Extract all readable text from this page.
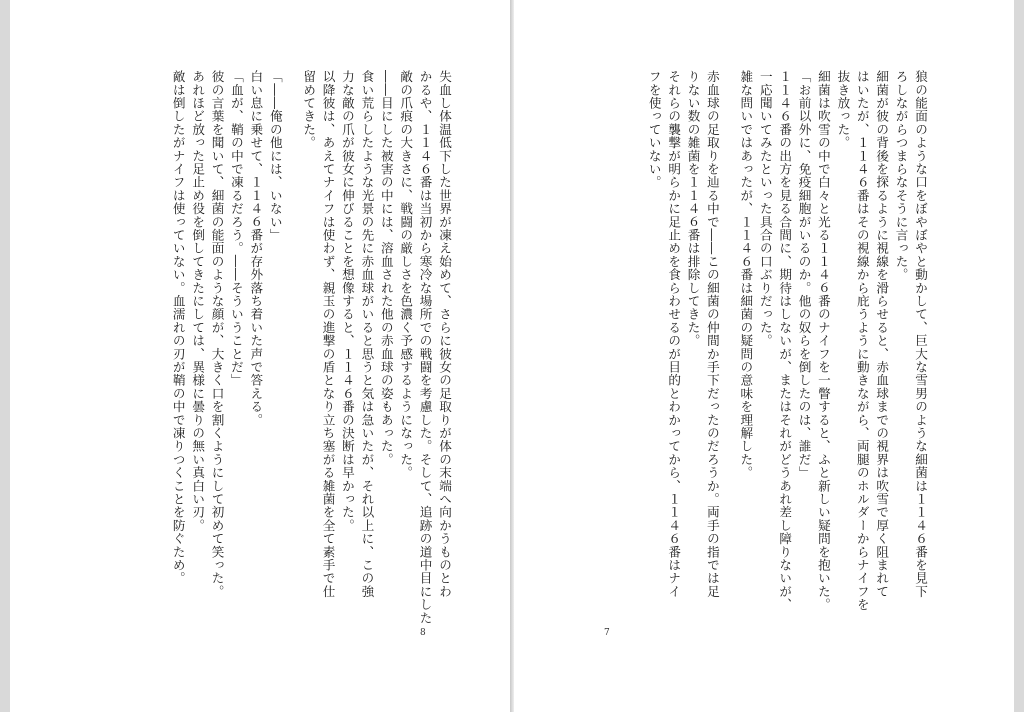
失血し体温低下した世界が凍え始めて、さらに彼女の足取りが体の末端へ向かうものとわ
かるや、１１４６番は当初から寒冷な場所での戦闘を考慮した。そして、追跡の道中目にした
敵の爪痕の大きさに、戦闘の厳しさを色濃く予感するようになった。
――目にした被害の中には、溶血された他の赤血球の姿もあった。
食い荒らしたような光景の先に赤血球がいると思うと気は急いたが、それ以上に、この強
力な敵の爪が彼女に伸びることを想像すると、１１４６番の決断は早かった。
以降彼は、あえてナイフは使わず、親玉の進撃の盾となり立ち塞がる雑菌を全て素手で仕
留めてきた。
「――俺の他には、いない」
白い息に乗せて、１１４６番が存外落ち着いた声で答える。
「血が、鞘の中で凍るだろう。――そういうことだ」
彼の言葉を聞いて、細菌の能面のような顔が、大きく口を割くようにして初めて笑った。
あれほど放った足止め役を倒してきたにしては、異様に曇りの無い真白い刃。
敵は倒したがナイフは使っていない。血濡れの刃が鞘の中で凍りつくことを防ぐため。
8
狼の能面のような口をぼやぼやと動かして、巨大な雪男のような細菌は１１４６番を見下
ろしながらつまらなそうに言った。
細菌が彼の背後を探るように視線を滑らせると、赤血球までの視界は吹雪で厚く阻まれて
はいたが、１１４６番はその視線から庇うように動きながら、両腿のホルダーからナイフを
抜き放った。
細菌は吹雪の中で白々と光る１１４６番のナイフを一瞥すると、ふと新しい疑問を抱いた。
「お前以外に、免疫細胞がいるのか。他の奴らを倒したのは、誰だ」
１１４６番の出方を見る合間に、期待はしないが、またはそれがどうあれ差し障りないが、
一応聞いてみたといった具合の口ぶりだった。
雑な問いではあったが、１１４６番は細菌の疑問の意味を理解した。
赤血球の足取りを辿る中で――この細菌の仲間か手下だったのだろうか。両手の指では足
りない数の雑菌を１１４６番は排除してきた。
それらの襲撃が明らかに足止めを食らわせるのが目的とわかってから、１１４６番はナイ
フを使っていない。
7
